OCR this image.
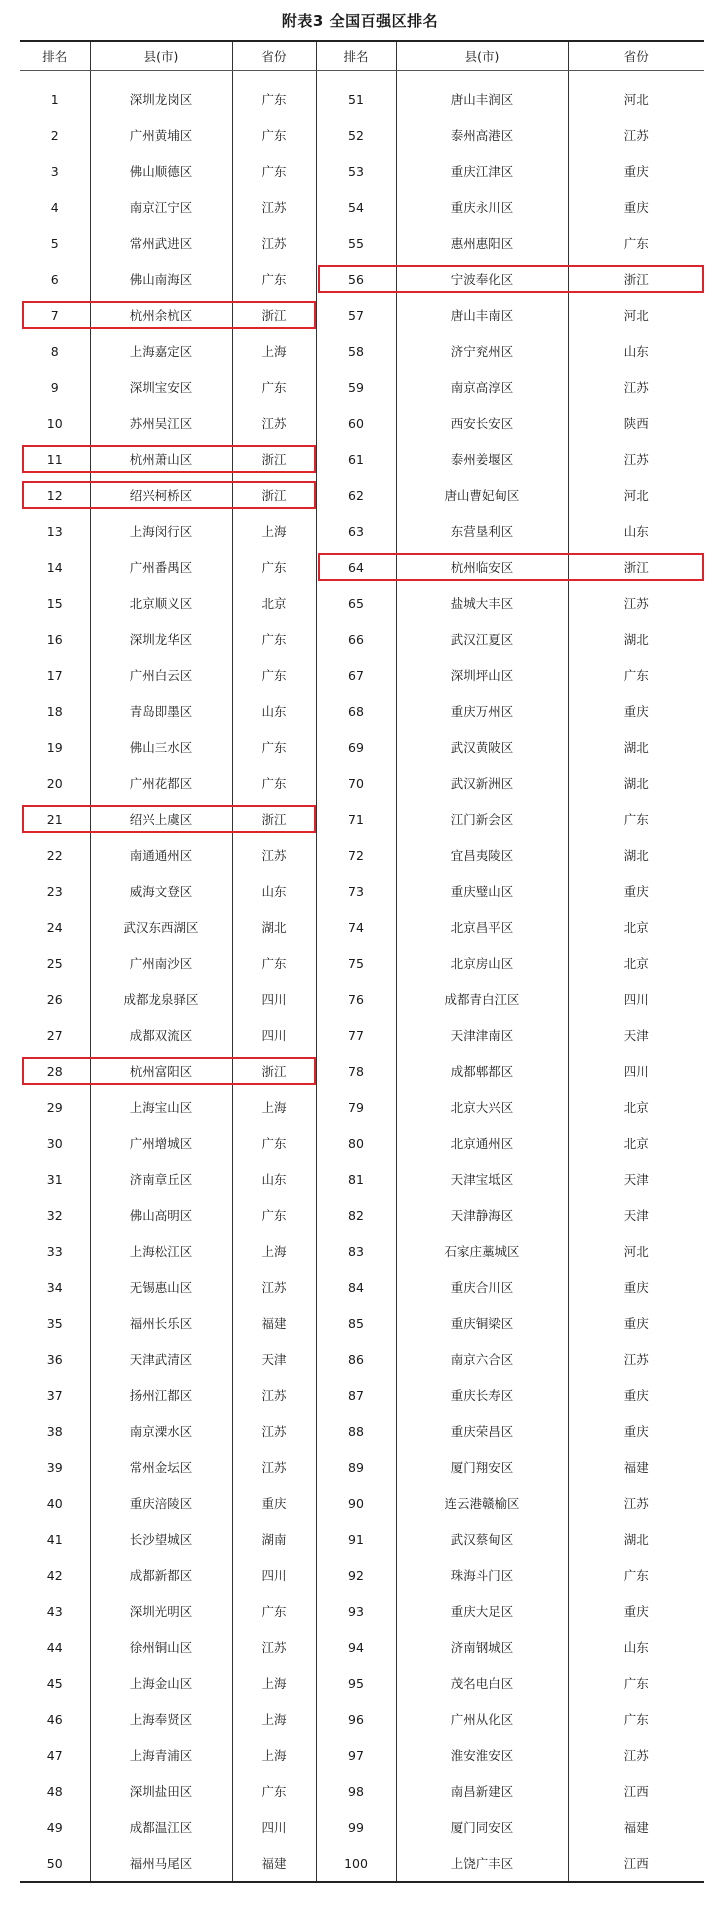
附表3 全国百强区排名
排名	县(市)	省份	排名	县(市)	省份

1	深圳龙岗区	广东	51	唐山丰润区	河北
2	广州黄埔区	广东	52	泰州高港区	江苏
3	佛山顺德区	广东	53	重庆江津区	重庆
4	南京江宁区	江苏	54	重庆永川区	重庆
5	常州武进区	江苏	55	惠州惠阳区	广东
6	佛山南海区	广东	56	宁波奉化区	浙江
7	杭州余杭区	浙江	57	唐山丰南区	河北
8	上海嘉定区	上海	58	济宁兖州区	山东
9	深圳宝安区	广东	59	南京高淳区	江苏
10	苏州吴江区	江苏	60	西安长安区	陕西
11	杭州萧山区	浙江	61	泰州姜堰区	江苏
12	绍兴柯桥区	浙江	62	唐山曹妃甸区	河北
13	上海闵行区	上海	63	东营垦利区	山东
14	广州番禺区	广东	64	杭州临安区	浙江
15	北京顺义区	北京	65	盐城大丰区	江苏
16	深圳龙华区	广东	66	武汉江夏区	湖北
17	广州白云区	广东	67	深圳坪山区	广东
18	青岛即墨区	山东	68	重庆万州区	重庆
19	佛山三水区	广东	69	武汉黄陂区	湖北
20	广州花都区	广东	70	武汉新洲区	湖北
21	绍兴上虞区	浙江	71	江门新会区	广东
22	南通通州区	江苏	72	宜昌夷陵区	湖北
23	威海文登区	山东	73	重庆璧山区	重庆
24	武汉东西湖区	湖北	74	北京昌平区	北京
25	广州南沙区	广东	75	北京房山区	北京
26	成都龙泉驿区	四川	76	成都青白江区	四川
27	成都双流区	四川	77	天津津南区	天津
28	杭州富阳区	浙江	78	成都郫都区	四川
29	上海宝山区	上海	79	北京大兴区	北京
30	广州增城区	广东	80	北京通州区	北京
31	济南章丘区	山东	81	天津宝坻区	天津
32	佛山高明区	广东	82	天津静海区	天津
33	上海松江区	上海	83	石家庄藁城区	河北
34	无锡惠山区	江苏	84	重庆合川区	重庆
35	福州长乐区	福建	85	重庆铜梁区	重庆
36	天津武清区	天津	86	南京六合区	江苏
37	扬州江都区	江苏	87	重庆长寿区	重庆
38	南京溧水区	江苏	88	重庆荣昌区	重庆
39	常州金坛区	江苏	89	厦门翔安区	福建
40	重庆涪陵区	重庆	90	连云港赣榆区	江苏
41	长沙望城区	湖南	91	武汉蔡甸区	湖北
42	成都新都区	四川	92	珠海斗门区	广东
43	深圳光明区	广东	93	重庆大足区	重庆
44	徐州铜山区	江苏	94	济南钢城区	山东
45	上海金山区	上海	95	茂名电白区	广东
46	上海奉贤区	上海	96	广州从化区	广东
47	上海青浦区	上海	97	淮安淮安区	江苏
48	深圳盐田区	广东	98	南昌新建区	江西
49	成都温江区	四川	99	厦门同安区	福建
50	福州马尾区	福建	100	上饶广丰区	江西
